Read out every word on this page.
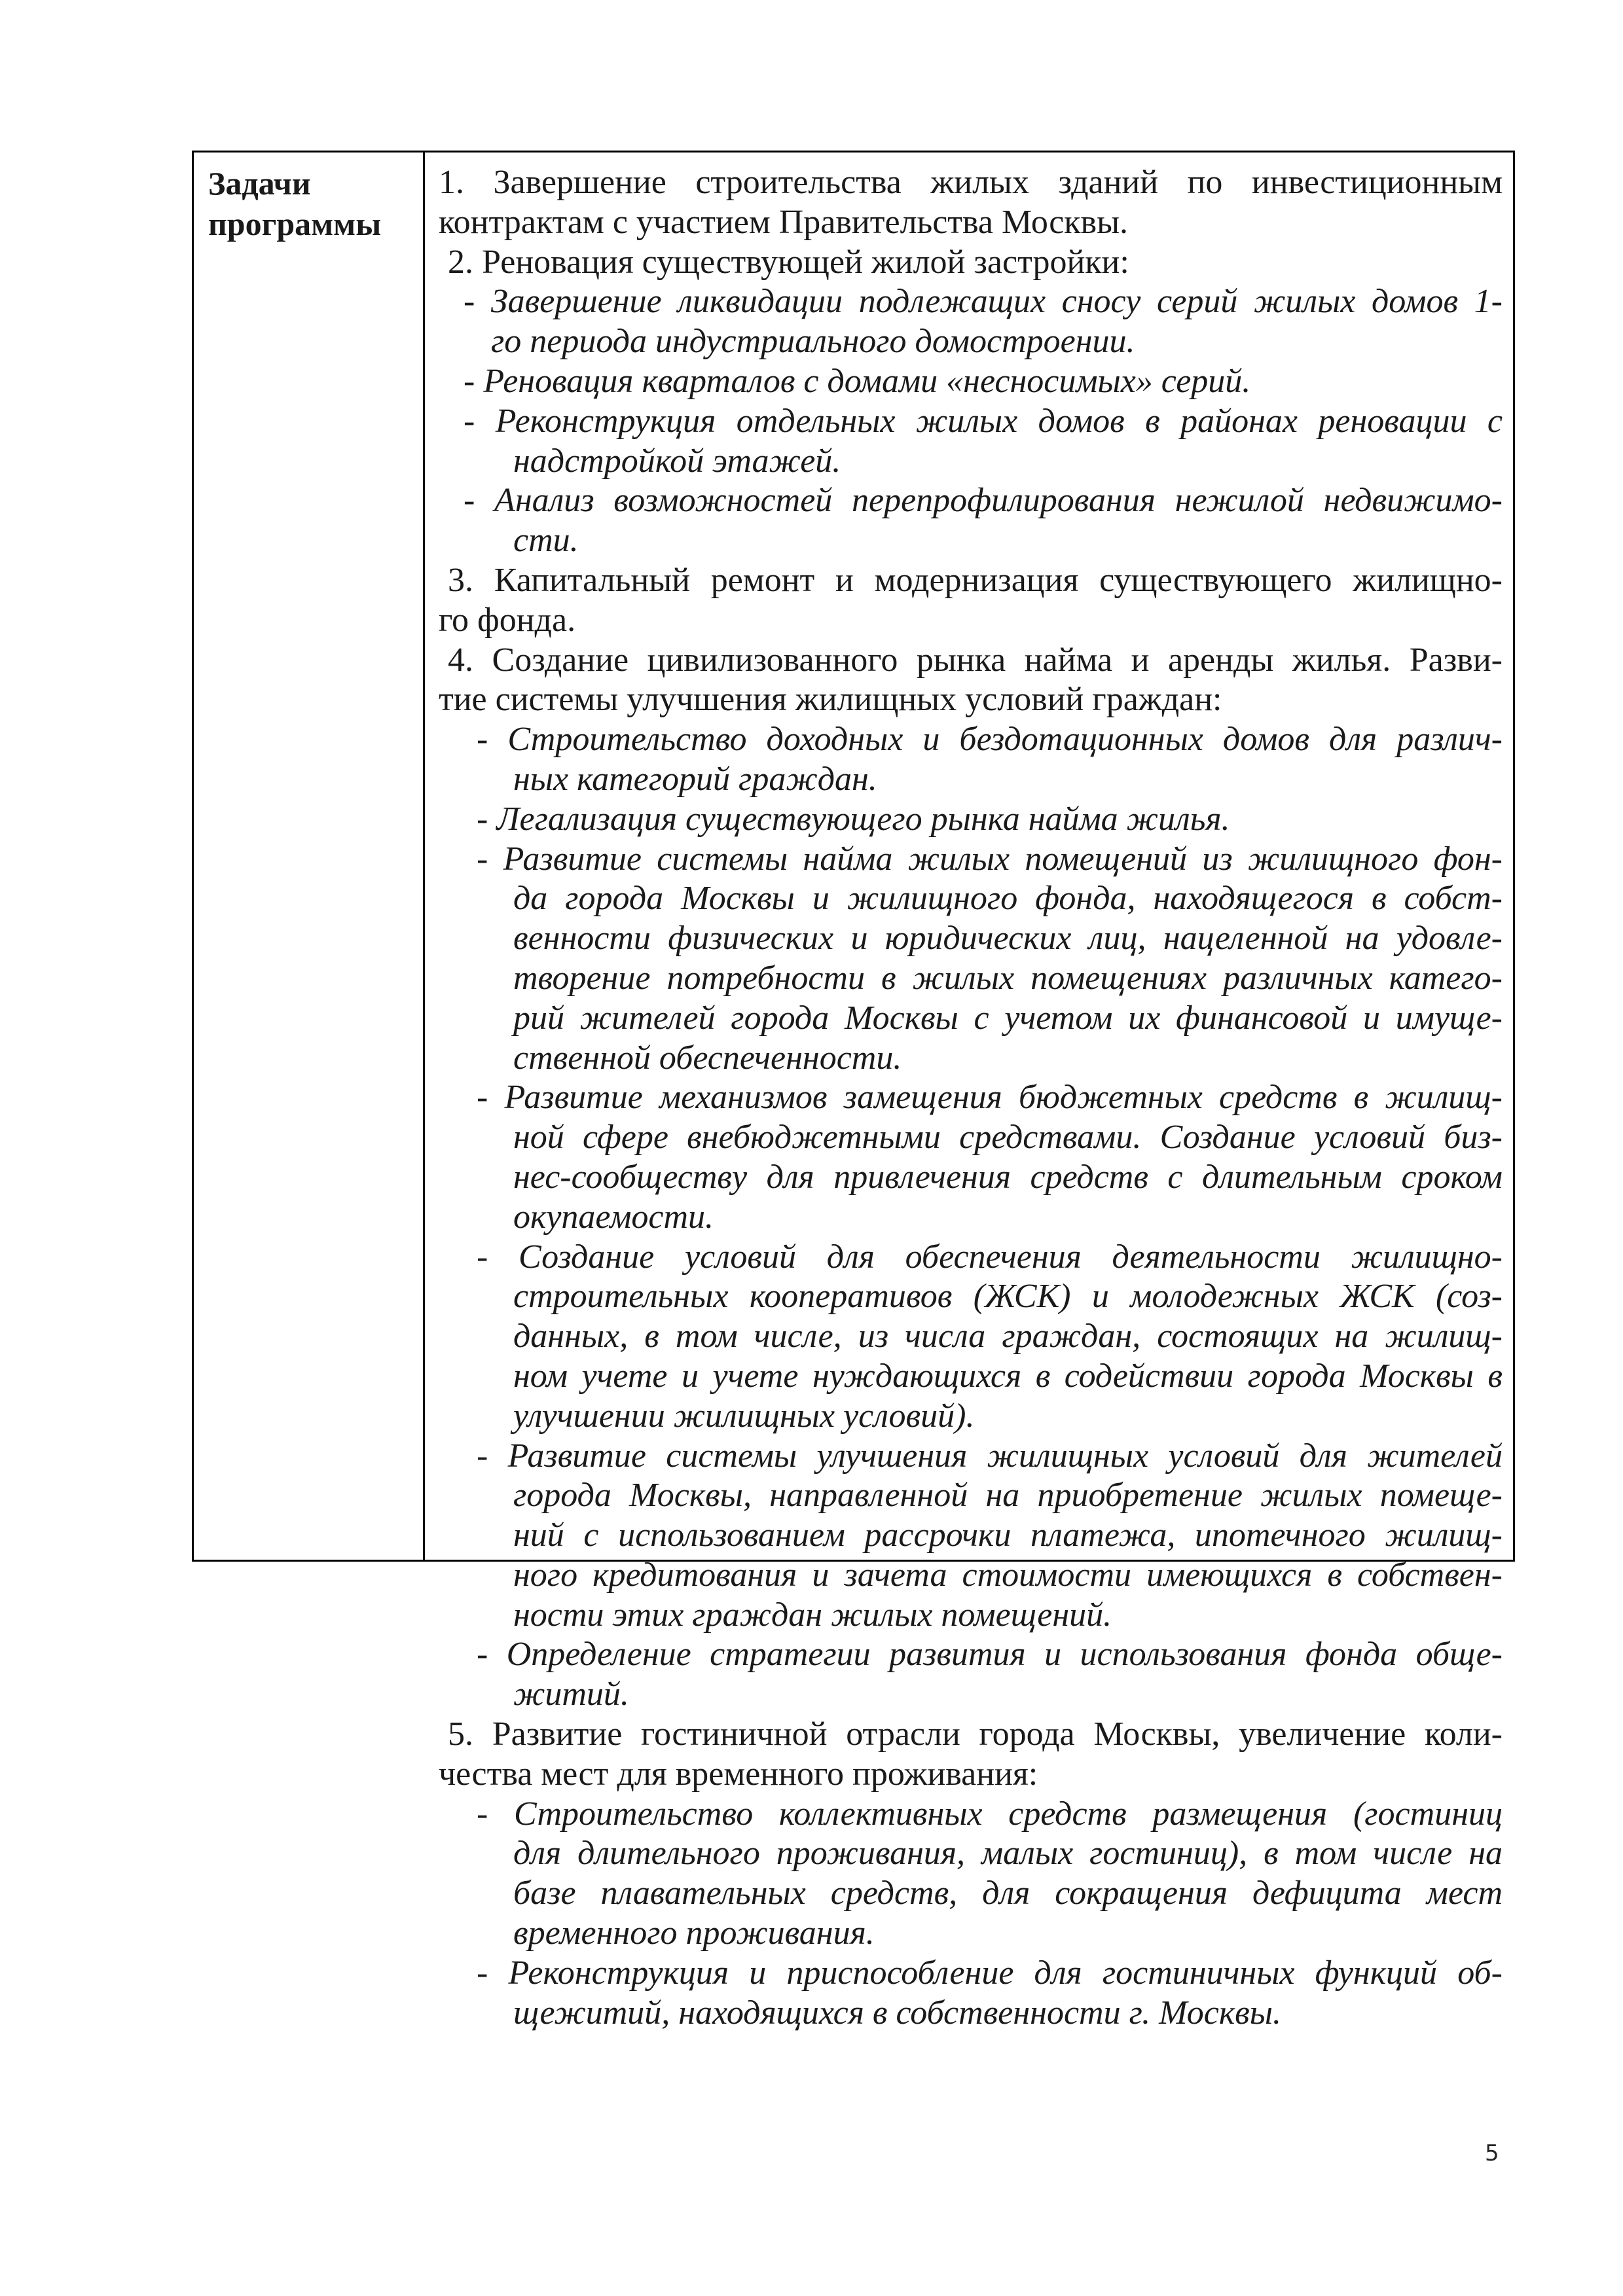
Задачи
программы
1. Завершение строительства жилых зданий по инвестиционным
контрактам с участием Правительства Москвы.
2. Реновация существующей жилой застройки:
- Завершение ликвидации подлежащих сносу серий жилых домов 1-
го периода индустриального домостроении.
- Реновация кварталов с домами «несносимых» серий.
- Реконструкция отдельных жилых домов в районах реновации с
надстройкой этажей.
- Анализ возможностей перепрофилирования нежилой недвижимо-
сти.
3. Капитальный ремонт и модернизация существующего жилищно-
го фонда.
4. Создание цивилизованного рынка найма и аренды жилья. Разви-
тие системы улучшения жилищных условий граждан:
- Строительство доходных и бездотационных домов для различ-
ных категорий граждан.
- Легализация существующего рынка найма жилья.
- Развитие системы найма жилых помещений из жилищного фон-
да города Москвы и жилищного фонда, находящегося в собст-
венности физических и юридических лиц, нацеленной на удовле-
творение потребности в жилых помещениях различных катего-
рий жителей города Москвы с учетом их финансовой и имуще-
ственной обеспеченности.
- Развитие механизмов замещения бюджетных средств в жилищ-
ной сфере внебюджетными средствами. Создание условий биз-
нес-сообществу для привлечения средств с длительным сроком
окупаемости.
- Создание условий для обеспечения деятельности жилищно-
строительных кооперативов (ЖСК) и молодежных ЖСК (соз-
данных, в том числе, из числа граждан, состоящих на жилищ-
ном учете и учете нуждающихся в содействии города Москвы в
улучшении жилищных условий).
- Развитие системы улучшения жилищных условий для жителей
города Москвы, направленной на приобретение жилых помеще-
ний с использованием рассрочки платежа, ипотечного жилищ-
ного кредитования и зачета стоимости имеющихся в собствен-
ности этих граждан жилых помещений.
- Определение стратегии развития и использования фонда обще-
житий.
5. Развитие гостиничной отрасли города Москвы, увеличение коли-
чества мест для временного проживания:
- Строительство коллективных средств размещения (гостиниц
для длительного проживания, малых гостиниц), в том числе на
базе плавательных средств, для сокращения дефицита мест
временного проживания.
- Реконструкция и приспособление для гостиничных функций об-
щежитий, находящихся в собственности г. Москвы.
5
